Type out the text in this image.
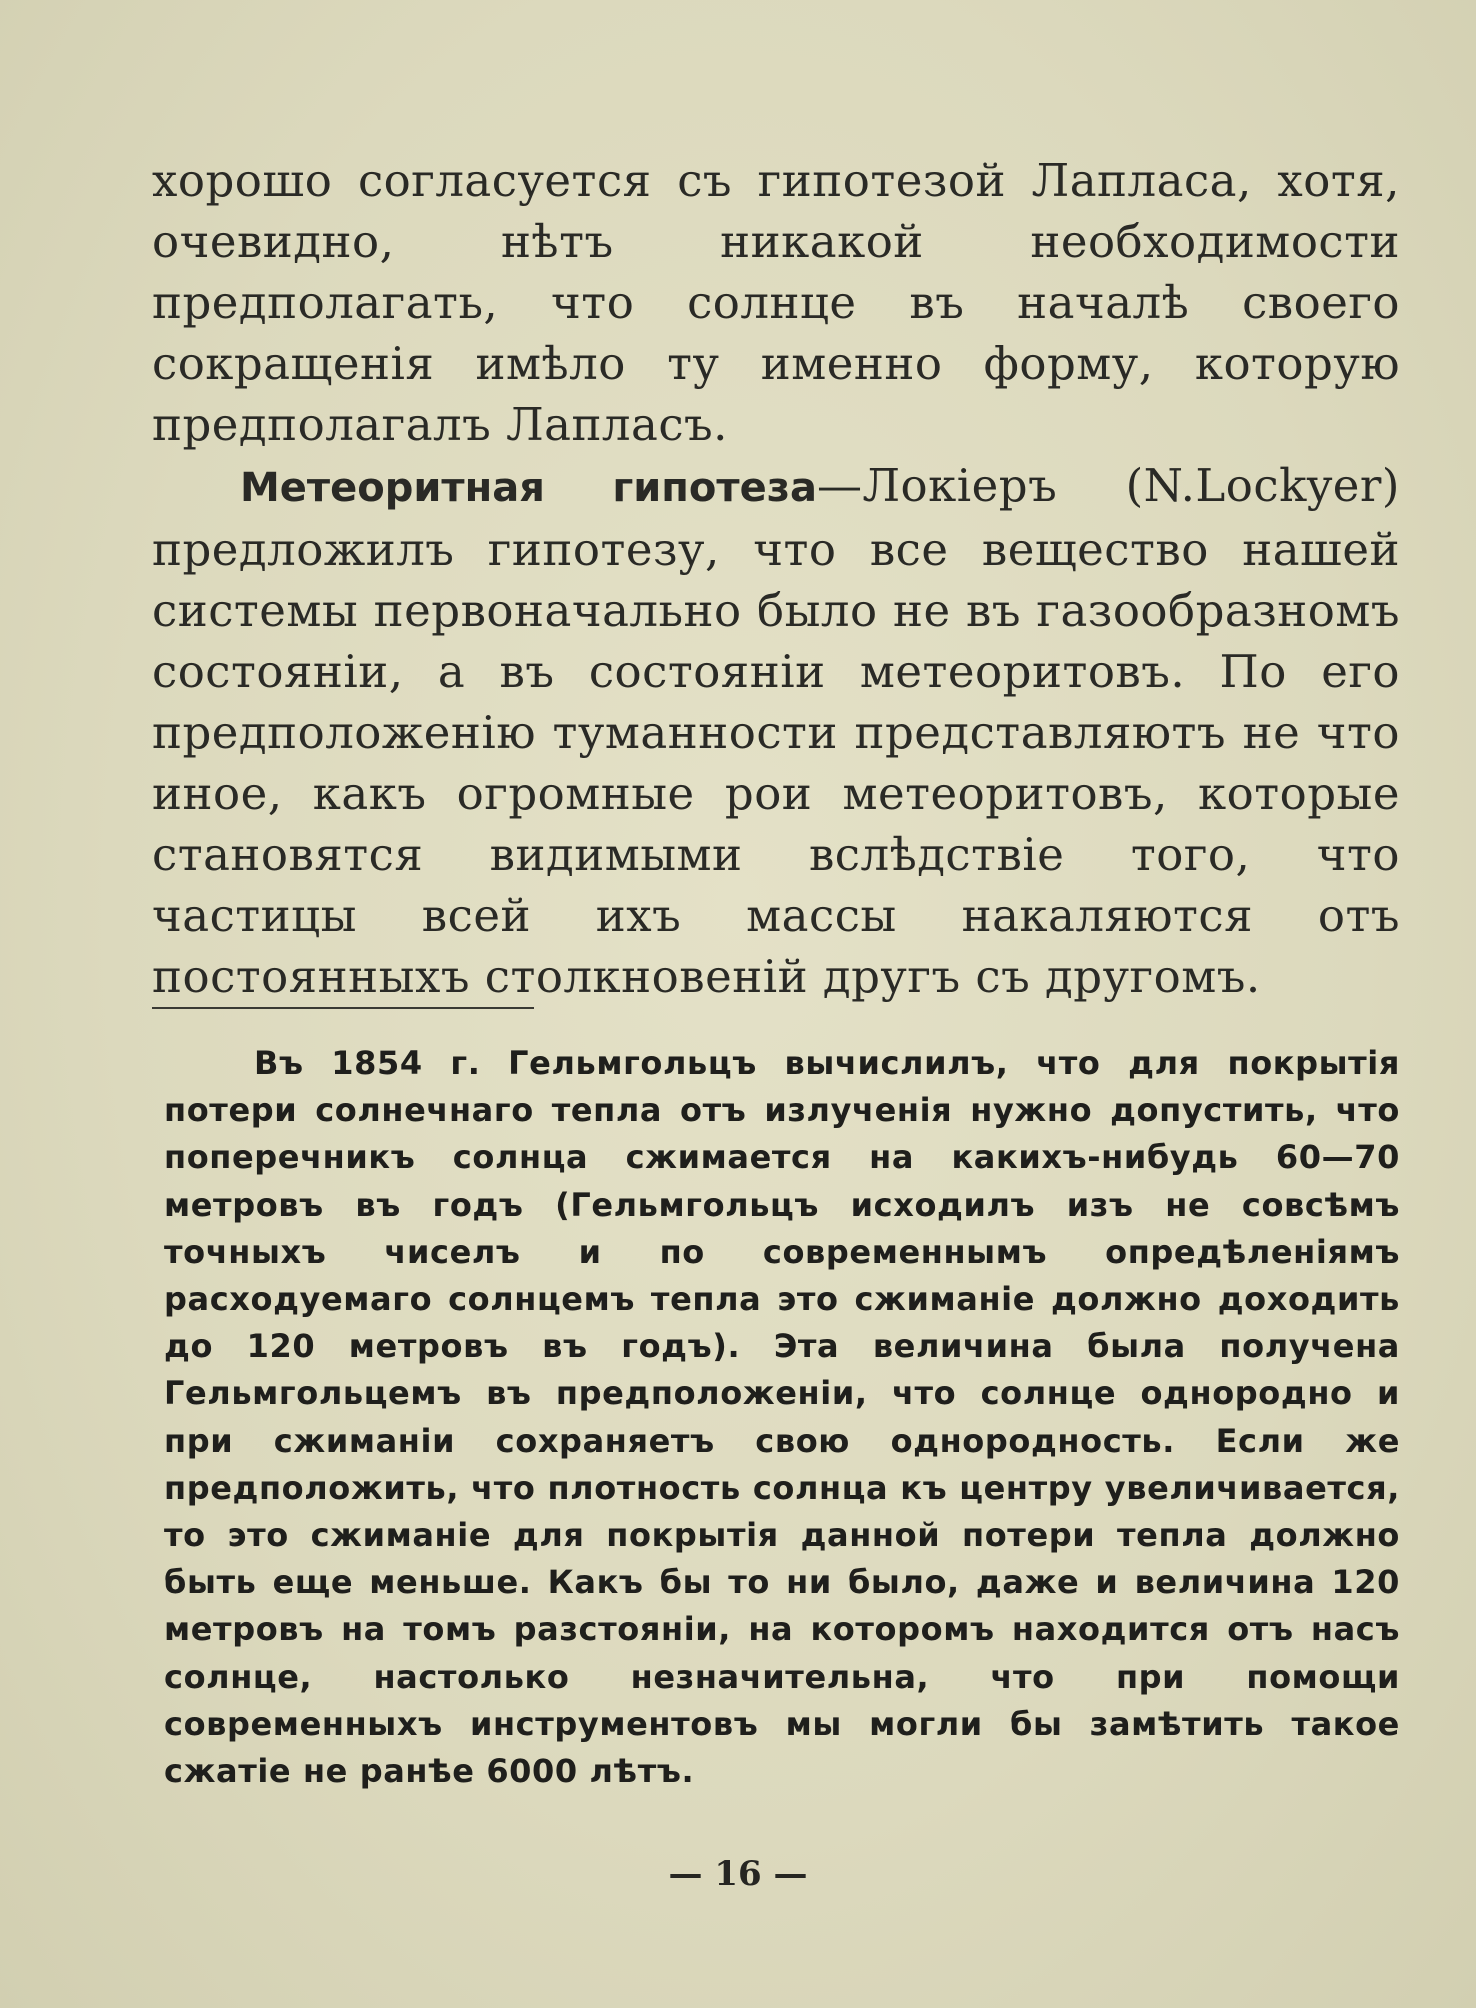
хорошо согласуется съ гипотезой Лапласа, хотя, очевидно, нѣтъ никакой необходимости предполагать, что солнце въ началѣ своего сокращенія имѣло ту именно форму, которую предполагалъ Лапласъ.

Метеоритная гипотеза—Локіеръ (N.Lockyer) предложилъ гипотезу, что все вещество нашей системы первоначально было не въ газообразномъ состояніи, а въ состояніи метеоритовъ. По его предположенію туманности представляютъ не что иное, какъ огромные рои метеоритовъ, которые становятся видимыми вслѣдствіе того, что частицы всей ихъ массы накаляются отъ постоянныхъ столкновеній другъ съ другомъ.

Въ 1854 г. Гельмгольцъ вычислилъ, что для покрытія потери солнечнаго тепла отъ излученія нужно допустить, что поперечникъ солнца сжимается на какихъ-нибудь 60—70 метровъ въ годъ (Гельмгольцъ исходилъ изъ не совсѣмъ точныхъ чиселъ и по современнымъ опредѣленіямъ расходуемаго солнцемъ тепла это сжиманіе должно доходить до 120 метровъ въ годъ). Эта величина была получена Гельмгольцемъ въ предположеніи, что солнце однородно и при сжиманіи сохраняетъ свою однородность. Если же предположить, что плотность солнца къ центру увеличивается, то это сжиманіе для покрытія данной потери тепла должно быть еще меньше. Какъ бы то ни было, даже и величина 120 метровъ на томъ разстояніи, на которомъ находится отъ насъ солнце, настолько незначительна, что при помощи современныхъ инструментовъ мы могли бы замѣтить такое сжатіе не ранѣе 6000 лѣтъ.
— 16 —
